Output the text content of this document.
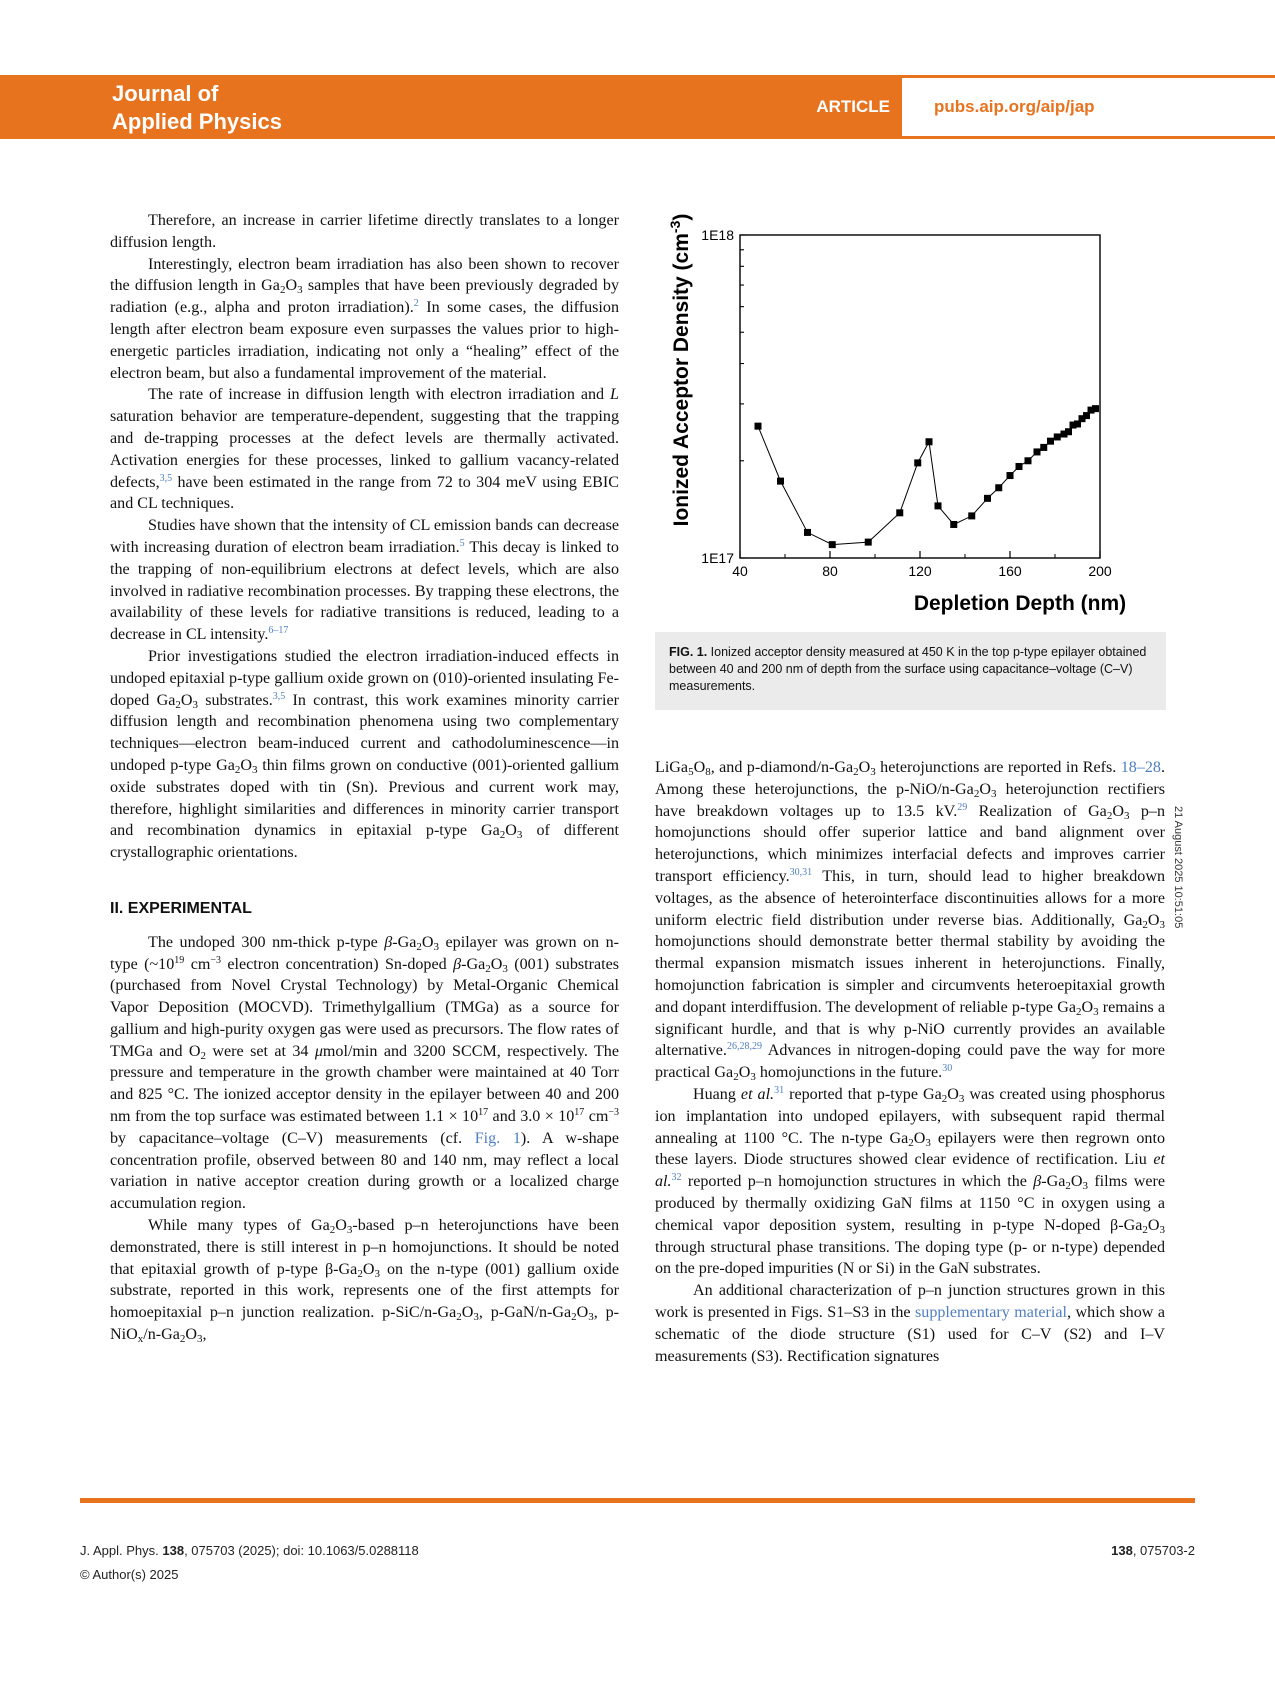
Journal of
Applied Physics
ARTICLE	pubs.aip.org/aip/jap

Therefore, an increase in carrier lifetime directly translates to a longer diffusion length.

Interestingly, electron beam irradiation has also been shown to recover the diffusion length in $Ga_2O_3$ samples that have been previously degraded by radiation (e.g., alpha and proton irradiation).$^2$ In some cases, the diffusion length after electron beam exposure even surpasses the values prior to high-energetic particles irradiation, indicating not only a “healing” effect of the electron beam, but also a fundamental improvement of the material.

The rate of increase in diffusion length with electron irradiation and L saturation behavior are temperature-dependent, suggesting that the trapping and de-trapping processes at the defect levels are thermally activated. Activation energies for these processes, linked to gallium vacancy-related defects,$^{3,5}$ have been estimated in the range from 72 to 304 meV using EBIC and CL techniques.

Studies have shown that the intensity of CL emission bands can decrease with increasing duration of electron beam irradiation.$^5$ This decay is linked to the trapping of non-equilibrium electrons at defect levels, which are also involved in radiative recombination processes. By trapping these electrons, the availability of these levels for radiative transitions is reduced, leading to a decrease in CL intensity.$^{6-17}$

Prior investigations studied the electron irradiation-induced effects in undoped epitaxial p-type gallium oxide grown on (010)-oriented insulating Fe-doped $Ga_2O_3$ substrates.$^{3,5}$ In contrast, this work examines minority carrier diffusion length and recombination phenomena using two complementary techniques—electron beam-induced current and cathodoluminescence—in undoped p-type $Ga_2O_3$ thin films grown on conductive (001)-oriented gallium oxide substrates doped with tin (Sn). Previous and current work may, therefore, highlight similarities and differences in minority carrier transport and recombination dynamics in epitaxial p-type $Ga_2O_3$ of different crystallographic orientations.

II. EXPERIMENTAL

The undoped 300 nm-thick p-type $\beta-Ga_2O_3$ epilayer was grown on n-type ($\sim 10^{19}$ $cm^{-3}$ electron concentration) Sn-doped $\beta-Ga_2O_3$ (001) substrates (purchased from Novel Crystal Technology) by Metal-Organic Chemical Vapor Deposition (MOCVD). Trimethylgallium (TMGa) as a source for gallium and high-purity oxygen gas were used as precursors. The flow rates of TMGa and $O_2$ were set at 34 μmol/min and 3200 SCCM, respectively. The pressure and temperature in the growth chamber were maintained at 40 Torr and 825 °C. The ionized acceptor density in the epilayer between 40 and 200 nm from the top surface was estimated between $1.1 \times 10^{17}$ and $3.0 \times 10^{17}$ $cm^{-3}$ by capacitance–voltage (C–V) measurements (cf. Fig. 1). A w-shape concentration profile, observed between 80 and 140 nm, may reflect a local variation in native acceptor creation during growth or a localized charge accumulation region.

While many types of $Ga_2O_3$-based p–n heterojunctions have been demonstrated, there is still interest in p–n homojunctions. It should be noted that epitaxial growth of p-type $\beta-Ga_2O_3$ on the n-type (001) gallium oxide substrate, reported in this work, represents one of the first attempts for homoepitaxial p–n junction realization. $p-SiC/n-Ga_2O_3$, $p-GaN/n-Ga_2O_3$, $p-NiO_x/n-Ga_2O_3$,

1E17
1E18
40	80	120	160	200
Depletion Depth (nm)
Ionized Acceptor Density $(cm^{-3})$
FIG. 1. Ionized acceptor density measured at 450 K in the top p-type epilayer obtained between 40 and 200 nm of depth from the surface using capacitance–voltage (C–V) measurements.

$LiGa_5O_8$, and $p-diamond/n-Ga_2O_3$ heterojunctions are reported in Refs. 18–28. Among these heterojunctions, the $p-NiO/n-Ga_2O_3$ heterojunction rectifiers have breakdown voltages up to 13.5 kV.$^{29}$ Realization of $Ga_2O_3$ p–n homojunctions should offer superior lattice and band alignment over heterojunctions, which minimizes interfacial defects and improves carrier transport efficiency.$^{30,31}$ This, in turn, should lead to higher breakdown voltages, as the absence of heterointerface discontinuities allows for a more uniform electric field distribution under reverse bias. Additionally, $Ga_2O_3$ homojunctions should demonstrate better thermal stability by avoiding the thermal expansion mismatch issues inherent in heterojunctions. Finally, homojunction fabrication is simpler and circumvents heteroepitaxial growth and dopant interdiffusion. The development of reliable p-type $Ga_2O_3$ remains a significant hurdle, and that is why p-NiO currently provides an available alternative.$^{26,28,29}$ Advances in nitrogen-doping could pave the way for more practical $Ga_2O_3$ homojunctions in the future.$^{30}$

Huang et al.$^{31}$ reported that p-type $Ga_2O_3$ was created using phosphorus ion implantation into undoped epilayers, with subsequent rapid thermal annealing at 1100 °C. The n-type $Ga_2O_3$ epilayers were then regrown onto these layers. Diode structures showed clear evidence of rectification. Liu et al.$^{32}$ reported p–n homojunction structures in which the $\beta-Ga_2O_3$ films were produced by thermally oxidizing GaN films at 1150 °C in oxygen using a chemical vapor deposition system, resulting in p-type N-doped $\beta-Ga_2O_3$ through structural phase transitions. The doping type (p- or n-type) depended on the pre-doped impurities (N or Si) in the GaN substrates.

An additional characterization of p–n junction structures grown in this work is presented in Figs. S1–S3 in the supplementary material, which show a schematic of the diode structure (S1) used for C–V (S2) and I–V measurements (S3). Rectification signatures

21 August 2025 10:51:05
J. Appl. Phys. 138, 075703 (2025); doi: 10.1063/5.0288118
© Author(s) 2025
138, 075703-2
